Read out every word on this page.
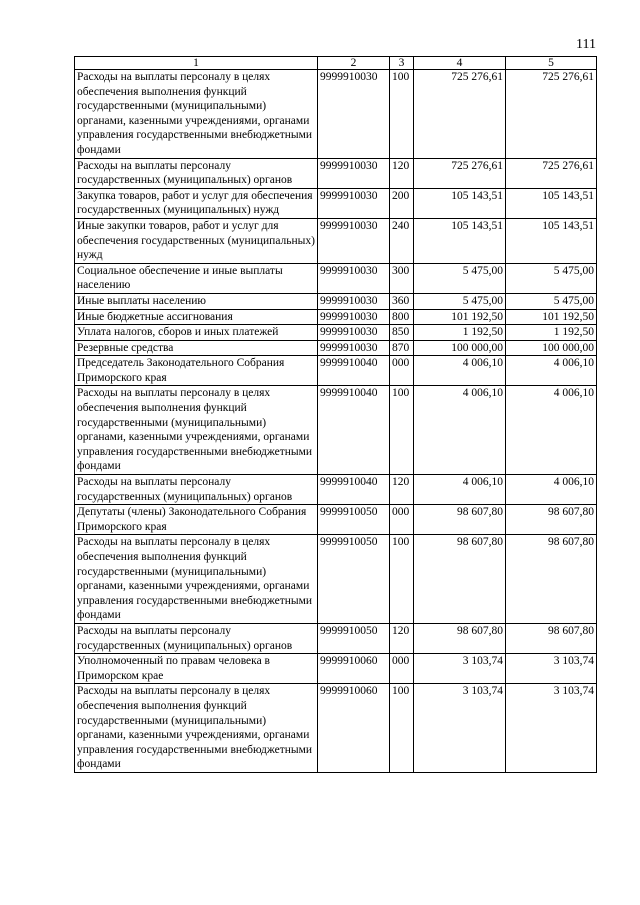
111
1	2	3	4	5
Расходы на выплаты персоналу в целях обеспечения выполнения функций государственными (муниципальными) органами, казенными учреждениями, органами управления государственными внебюджетными фондами	9999910030	100	725 276,61	725 276,61
Расходы на выплаты персоналу государственных (муниципальных) органов	9999910030	120	725 276,61	725 276,61
Закупка товаров, работ и услуг для обеспечения государственных (муниципальных) нужд	9999910030	200	105 143,51	105 143,51
Иные закупки товаров, работ и услуг для обеспечения государственных (муниципальных) нужд	9999910030	240	105 143,51	105 143,51
Социальное обеспечение и иные выплаты населению	9999910030	300	5 475,00	5 475,00
Иные выплаты населению	9999910030	360	5 475,00	5 475,00
Иные бюджетные ассигнования	9999910030	800	101 192,50	101 192,50
Уплата налогов, сборов и иных платежей	9999910030	850	1 192,50	1 192,50
Резервные средства	9999910030	870	100 000,00	100 000,00
Председатель Законодательного Собрания Приморского края	9999910040	000	4 006,10	4 006,10
Расходы на выплаты персоналу в целях обеспечения выполнения функций государственными (муниципальными) органами, казенными учреждениями, органами управления государственными внебюджетными фондами	9999910040	100	4 006,10	4 006,10
Расходы на выплаты персоналу государственных (муниципальных) органов	9999910040	120	4 006,10	4 006,10
Депутаты (члены) Законодательного Собрания Приморского края	9999910050	000	98 607,80	98 607,80
Расходы на выплаты персоналу в целях обеспечения выполнения функций государственными (муниципальными) органами, казенными учреждениями, органами управления государственными внебюджетными фондами	9999910050	100	98 607,80	98 607,80
Расходы на выплаты персоналу государственных (муниципальных) органов	9999910050	120	98 607,80	98 607,80
Уполномоченный по правам человека в Приморском крае	9999910060	000	3 103,74	3 103,74
Расходы на выплаты персоналу в целях обеспечения выполнения функций государственными (муниципальными) органами, казенными учреждениями, органами управления государственными внебюджетными фондами	9999910060	100	3 103,74	3 103,74
